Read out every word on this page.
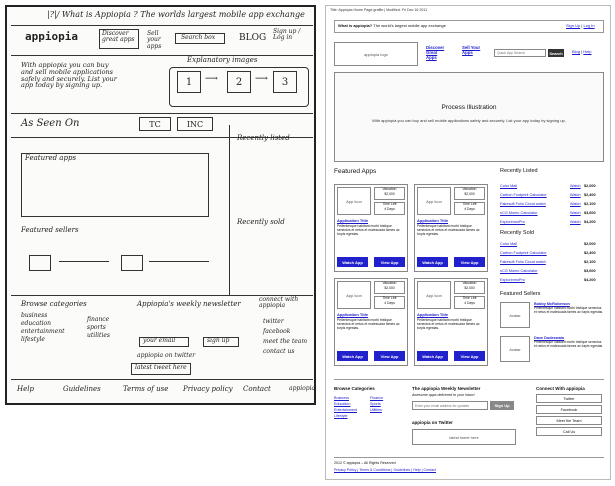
|?|/ What is Appiopia ? The worlds largest mobile app exchange
appiopia	Discover great apps
Sell your apps
Search box	BLOG
Sign up / Log in
With appiopia you can buy and sell mobile applications safely and securely. List your app today by signing up.
Explanatory images
1	⟶	2	⟶	3
As Seen On	TC	INC
Recently listed
Featured apps
Recently sold
Featured sellers
Browse categories
business
education
entertainment
lifestyle
finance
sports
utilities
Appiopia's weekly newsletter
your email	sign up
appiopia on twitter
latest tweet here
connect with appiopia
twitter
facebook
meet the team
contact us
Help	Guidelines	Terms of use Privacy policy Contact	appiopia
Title: Appiopia Home Page.graffle | Modified: Fri Dec 16 2011
What is appiopia? The world's largest mobile app exchange	Sign Up | Log In
appiopia logo
Discover Great Apps
Sell Your Apps
Quick App Search	Search	Blog | Help
Process Illustration
With appiopia you can buy and sell mobile applications safely and securely. List your app today by signing up.
Featured Apps	Recently Listed
Recently Sold
Featured Sellers
Browse Categories	The appiopia Weekly Newsletter
Awesome apps delivered to your inbox!
Enter your email address for updates
Sign Up
appiopia on Twitter
latest tweet here
Connect With appiopia
2012 © appiopia – All Rights Reserved
Privacy Policy | Terms & Conditions | Guidelines | Help | Contact
App Icon
Valuation
$2,000
Time Left
4 Days
Application Title
Pellentesque habitant morbi tristique senectus et netus et malesuada fames ac turpis egestas.
Watch App	View App
App Icon
Valuation
$2,000
Time Left
4 Days
Application Title
Pellentesque habitant morbi tristique senectus et netus et malesuada fames ac turpis egestas.
Watch App	View App
App Icon
Valuation
$2,000
Time Left
4 Days
Application Title
Pellentesque habitant morbi tristique senectus et netus et malesuada fames ac turpis egestas.
Watch App	View App
App Icon
Valuation
$2,000
Time Left
4 Days
Application Title
Pellentesque habitant morbi tristique senectus et netus et malesuada fames ac turpis egestas.
Watch App	View App
Color Mail	Watch $2,000
Carbon Footprint Calculator	Watch $2,400
Fakesoft Folio Cloud watch	Watch $2,100
nCG Momo Calculator	Watch $3,600
ExplorinmoPro	Watch $4,200
Color Mail	$2,000
Carbon Footprint Calculator	$2,400
Fakesoft Folio Cloud watch	$2,100
nCG Momo Calculator	$3,600
ExplorinmoPro	$4,200
Avatar
Bobby McRoberson
Pellentesque habitant morbi tristique senectus et netus et malesuada fames ac turpis egestas.
Avatar
Dave Dudeswain
Pellentesque habitant morbi tristique senectus et netus et malesuada fames ac turpis egestas.
Business
Education
Entertainment
Lifestyle
Finance
Sports
Utilities
Twitter
Facebook
Meet the Team
Call Us
